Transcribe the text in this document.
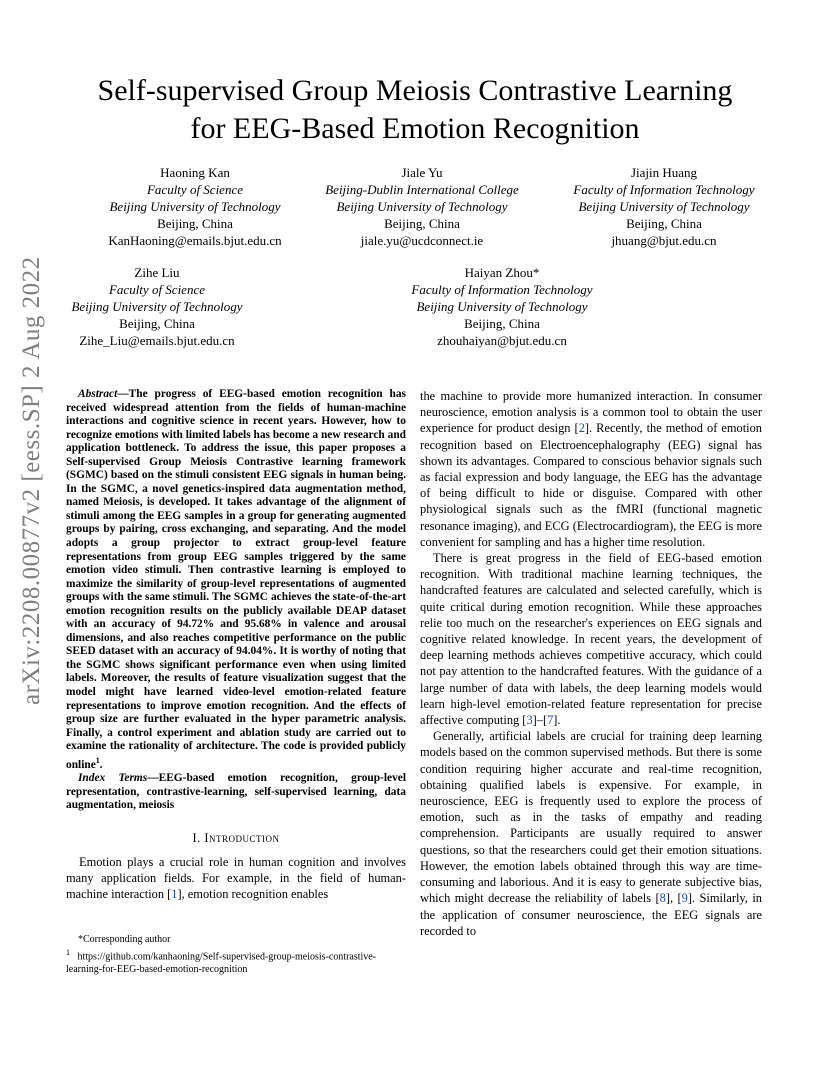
arXiv:2208.00877v2 [eess.SP] 2 Aug 2022
Self-supervised Group Meiosis Contrastive Learning
for EEG-Based Emotion Recognition
Haoning Kan
Faculty of Science
Beijing University of Technology
Beijing, China
KanHaoning@emails.bjut.edu.cn
Jiale Yu
Beijing-Dublin International College
Beijing University of Technology
Beijing, China
jiale.yu@ucdconnect.ie
Jiajin Huang
Faculty of Information Technology
Beijing University of Technology
Beijing, China
jhuang@bjut.edu.cn
Zihe Liu
Faculty of Science
Beijing University of Technology
Beijing, China
Zihe_Liu@emails.bjut.edu.cn
Haiyan Zhou*
Faculty of Information Technology
Beijing University of Technology
Beijing, China
zhouhaiyan@bjut.edu.cn

Abstract—The progress of EEG-based emotion recognition has received widespread attention from the fields of human-machine interactions and cognitive science in recent years. However, how to recognize emotions with limited labels has become a new research and application bottleneck. To address the issue, this paper proposes a Self-supervised Group Meiosis Contrastive learning framework (SGMC) based on the stimuli consistent EEG signals in human being. In the SGMC, a novel genetics-inspired data augmentation method, named Meiosis, is developed. It takes advantage of the alignment of stimuli among the EEG samples in a group for generating augmented groups by pairing, cross exchanging, and separating. And the model adopts a group projector to extract group-level feature representations from group EEG samples triggered by the same emotion video stimuli. Then contrastive learning is employed to maximize the similarity of group-level representations of augmented groups with the same stimuli. The SGMC achieves the state-of-the-art emotion recognition results on the publicly available DEAP dataset with an accuracy of 94.72% and 95.68% in valence and arousal dimensions, and also reaches competitive performance on the public SEED dataset with an accuracy of 94.04%. It is worthy of noting that the SGMC shows significant performance even when using limited labels. Moreover, the results of feature visualization suggest that the model might have learned video-level emotion-related feature representations to improve emotion recognition. And the effects of group size are further evaluated in the hyper parametric analysis. Finally, a control experiment and ablation study are carried out to examine the rationality of architecture. The code is provided publicly online$^1$.

Index Terms—EEG-based emotion recognition, group-level representation, contrastive-learning, self-supervised learning, data augmentation, meiosis

I. Introduction

Emotion plays a crucial role in human cognition and involves many application fields. For example, in the field of human-machine interaction [1], emotion recognition enables

*Corresponding author

$^1$ https://github.com/kanhaoning/Self-supervised-group-meiosis-contrastive-learning-for-EEG-based-emotion-recognition

the machine to provide more humanized interaction. In consumer neuroscience, emotion analysis is a common tool to obtain the user experience for product design [2]. Recently, the method of emotion recognition based on Electroencephalography (EEG) signal has shown its advantages. Compared to conscious behavior signals such as facial expression and body language, the EEG has the advantage of being difficult to hide or disguise. Compared with other physiological signals such as the fMRI (functional magnetic resonance imaging), and ECG (Electrocardiogram), the EEG is more convenient for sampling and has a higher time resolution.

There is great progress in the field of EEG-based emotion recognition. With traditional machine learning techniques, the handcrafted features are calculated and selected carefully, which is quite critical during emotion recognition. While these approaches relie too much on the researcher's experiences on EEG signals and cognitive related knowledge. In recent years, the development of deep learning methods achieves competitive accuracy, which could not pay attention to the handcrafted features. With the guidance of a large number of data with labels, the deep learning models would learn high-level emotion-related feature representation for precise affective computing [3]–[7].

Generally, artificial labels are crucial for training deep learning models based on the common supervised methods. But there is some condition requiring higher accurate and real-time recognition, obtaining qualified labels is expensive. For example, in neuroscience, EEG is frequently used to explore the process of emotion, such as in the tasks of empathy and reading comprehension. Participants are usually required to answer questions, so that the researchers could get their emotion situations. However, the emotion labels obtained through this way are time-consuming and laborious. And it is easy to generate subjective bias, which might decrease the reliability of labels [8], [9]. Similarly, in the application of consumer neuroscience, the EEG signals are recorded to
